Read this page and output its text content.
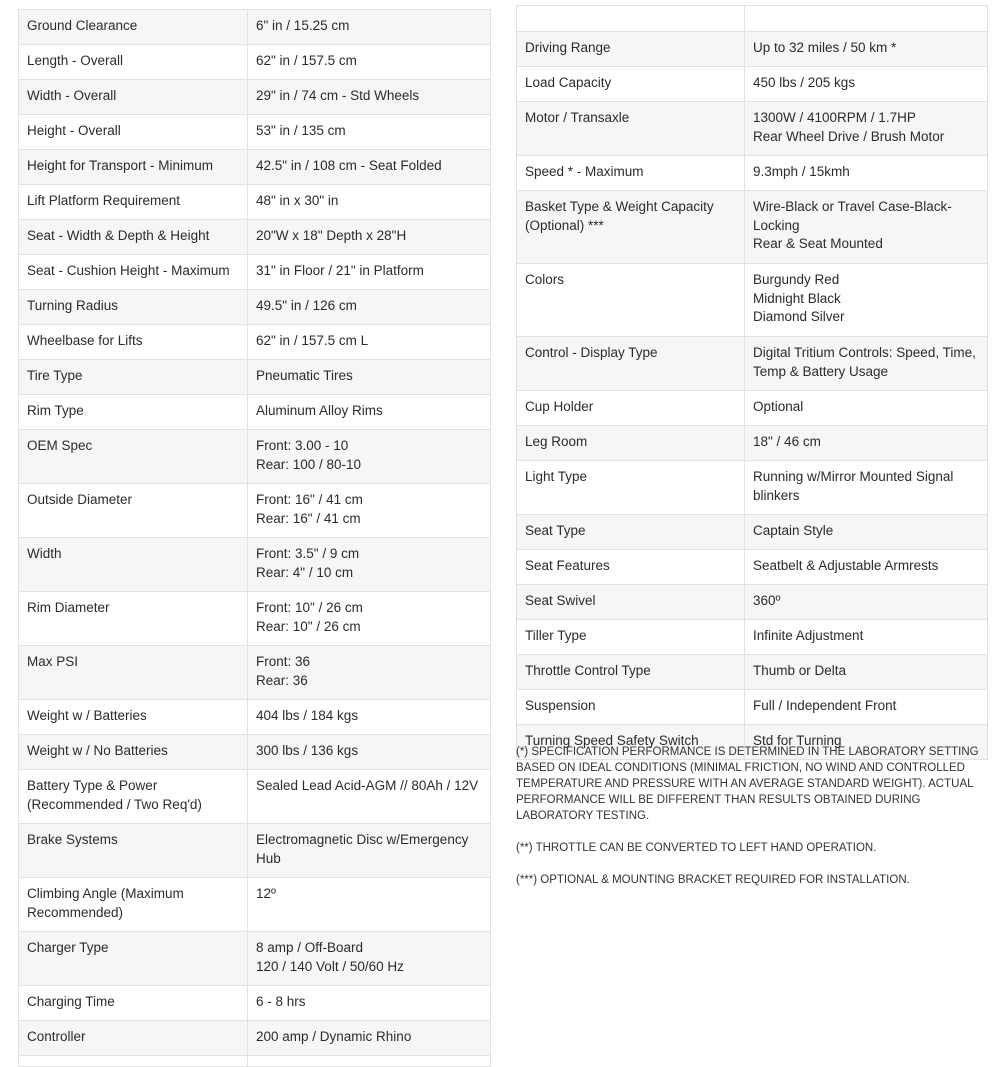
Ground Clearance	6" in / 15.25 cm
Length - Overall	62" in / 157.5 cm
Width - Overall	29" in / 74 cm - Std Wheels
Height - Overall	53" in / 135 cm
Height for Transport - Minimum	42.5" in / 108 cm - Seat Folded
Lift Platform Requirement	48" in x 30" in
Seat - Width & Depth & Height	20"W x 18" Depth x 28"H
Seat - Cushion Height - Maximum	31" in Floor / 21" in Platform
Turning Radius	49.5" in / 126 cm
Wheelbase for Lifts	62" in / 157.5 cm L
Tire Type	Pneumatic Tires
Rim Type	Aluminum Alloy Rims
OEM Spec	Front: 3.00 - 10
Rear: 100 / 80-10
Outside Diameter	Front: 16" / 41 cm
Rear: 16" / 41 cm
Width	Front: 3.5" / 9 cm
Rear: 4" / 10 cm
Rim Diameter	Front: 10" / 26 cm
Rear: 10" / 26 cm
Max PSI	Front: 36
Rear: 36
Weight w / Batteries	404 lbs / 184 kgs
Weight w / No Batteries	300 lbs / 136 kgs
Battery Type & Power
(Recommended / Two Req'd)	Sealed Lead Acid-AGM // 80Ah / 12V
Brake Systems	Electromagnetic Disc w/Emergency
Hub
Climbing Angle (Maximum
Recommended)	12º
Charger Type	8 amp / Off-Board
120 / 140 Volt / 50/60 Hz
Charging Time	6 - 8 hrs
Controller	200 amp / Dynamic Rhino

Driving Range	Up to 32 miles / 50 km *
Load Capacity	450 lbs / 205 kgs
Motor / Transaxle	1300W / 4100RPM / 1.7HP
Rear Wheel Drive / Brush Motor
Speed * - Maximum	9.3mph / 15kmh
Basket Type & Weight Capacity
(Optional) ***	Wire-Black or Travel Case-Black-
Locking
Rear & Seat Mounted
Colors	Burgundy Red
Midnight Black
Diamond Silver
Control - Display Type	Digital Tritium Controls: Speed, Time,
Temp & Battery Usage
Cup Holder	Optional
Leg Room	18" / 46 cm
Light Type	Running w/Mirror Mounted Signal
blinkers
Seat Type	Captain Style
Seat Features	Seatbelt & Adjustable Armrests
Seat Swivel	360º
Tiller Type	Infinite Adjustment
Throttle Control Type	Thumb or Delta
Suspension	Full / Independent Front
Turning Speed Safety Switch	Std for Turning

(*) SPECIFICATION PERFORMANCE IS DETERMINED IN THE LABORATORY SETTING BASED ON IDEAL CONDITIONS (MINIMAL FRICTION, NO WIND AND CONTROLLED TEMPERATURE AND PRESSURE WITH AN AVERAGE STANDARD WEIGHT). ACTUAL PERFORMANCE WILL BE DIFFERENT THAN RESULTS OBTAINED DURING LABORATORY TESTING.

(**) THROTTLE CAN BE CONVERTED TO LEFT HAND OPERATION.

(***) OPTIONAL & MOUNTING BRACKET REQUIRED FOR INSTALLATION.
